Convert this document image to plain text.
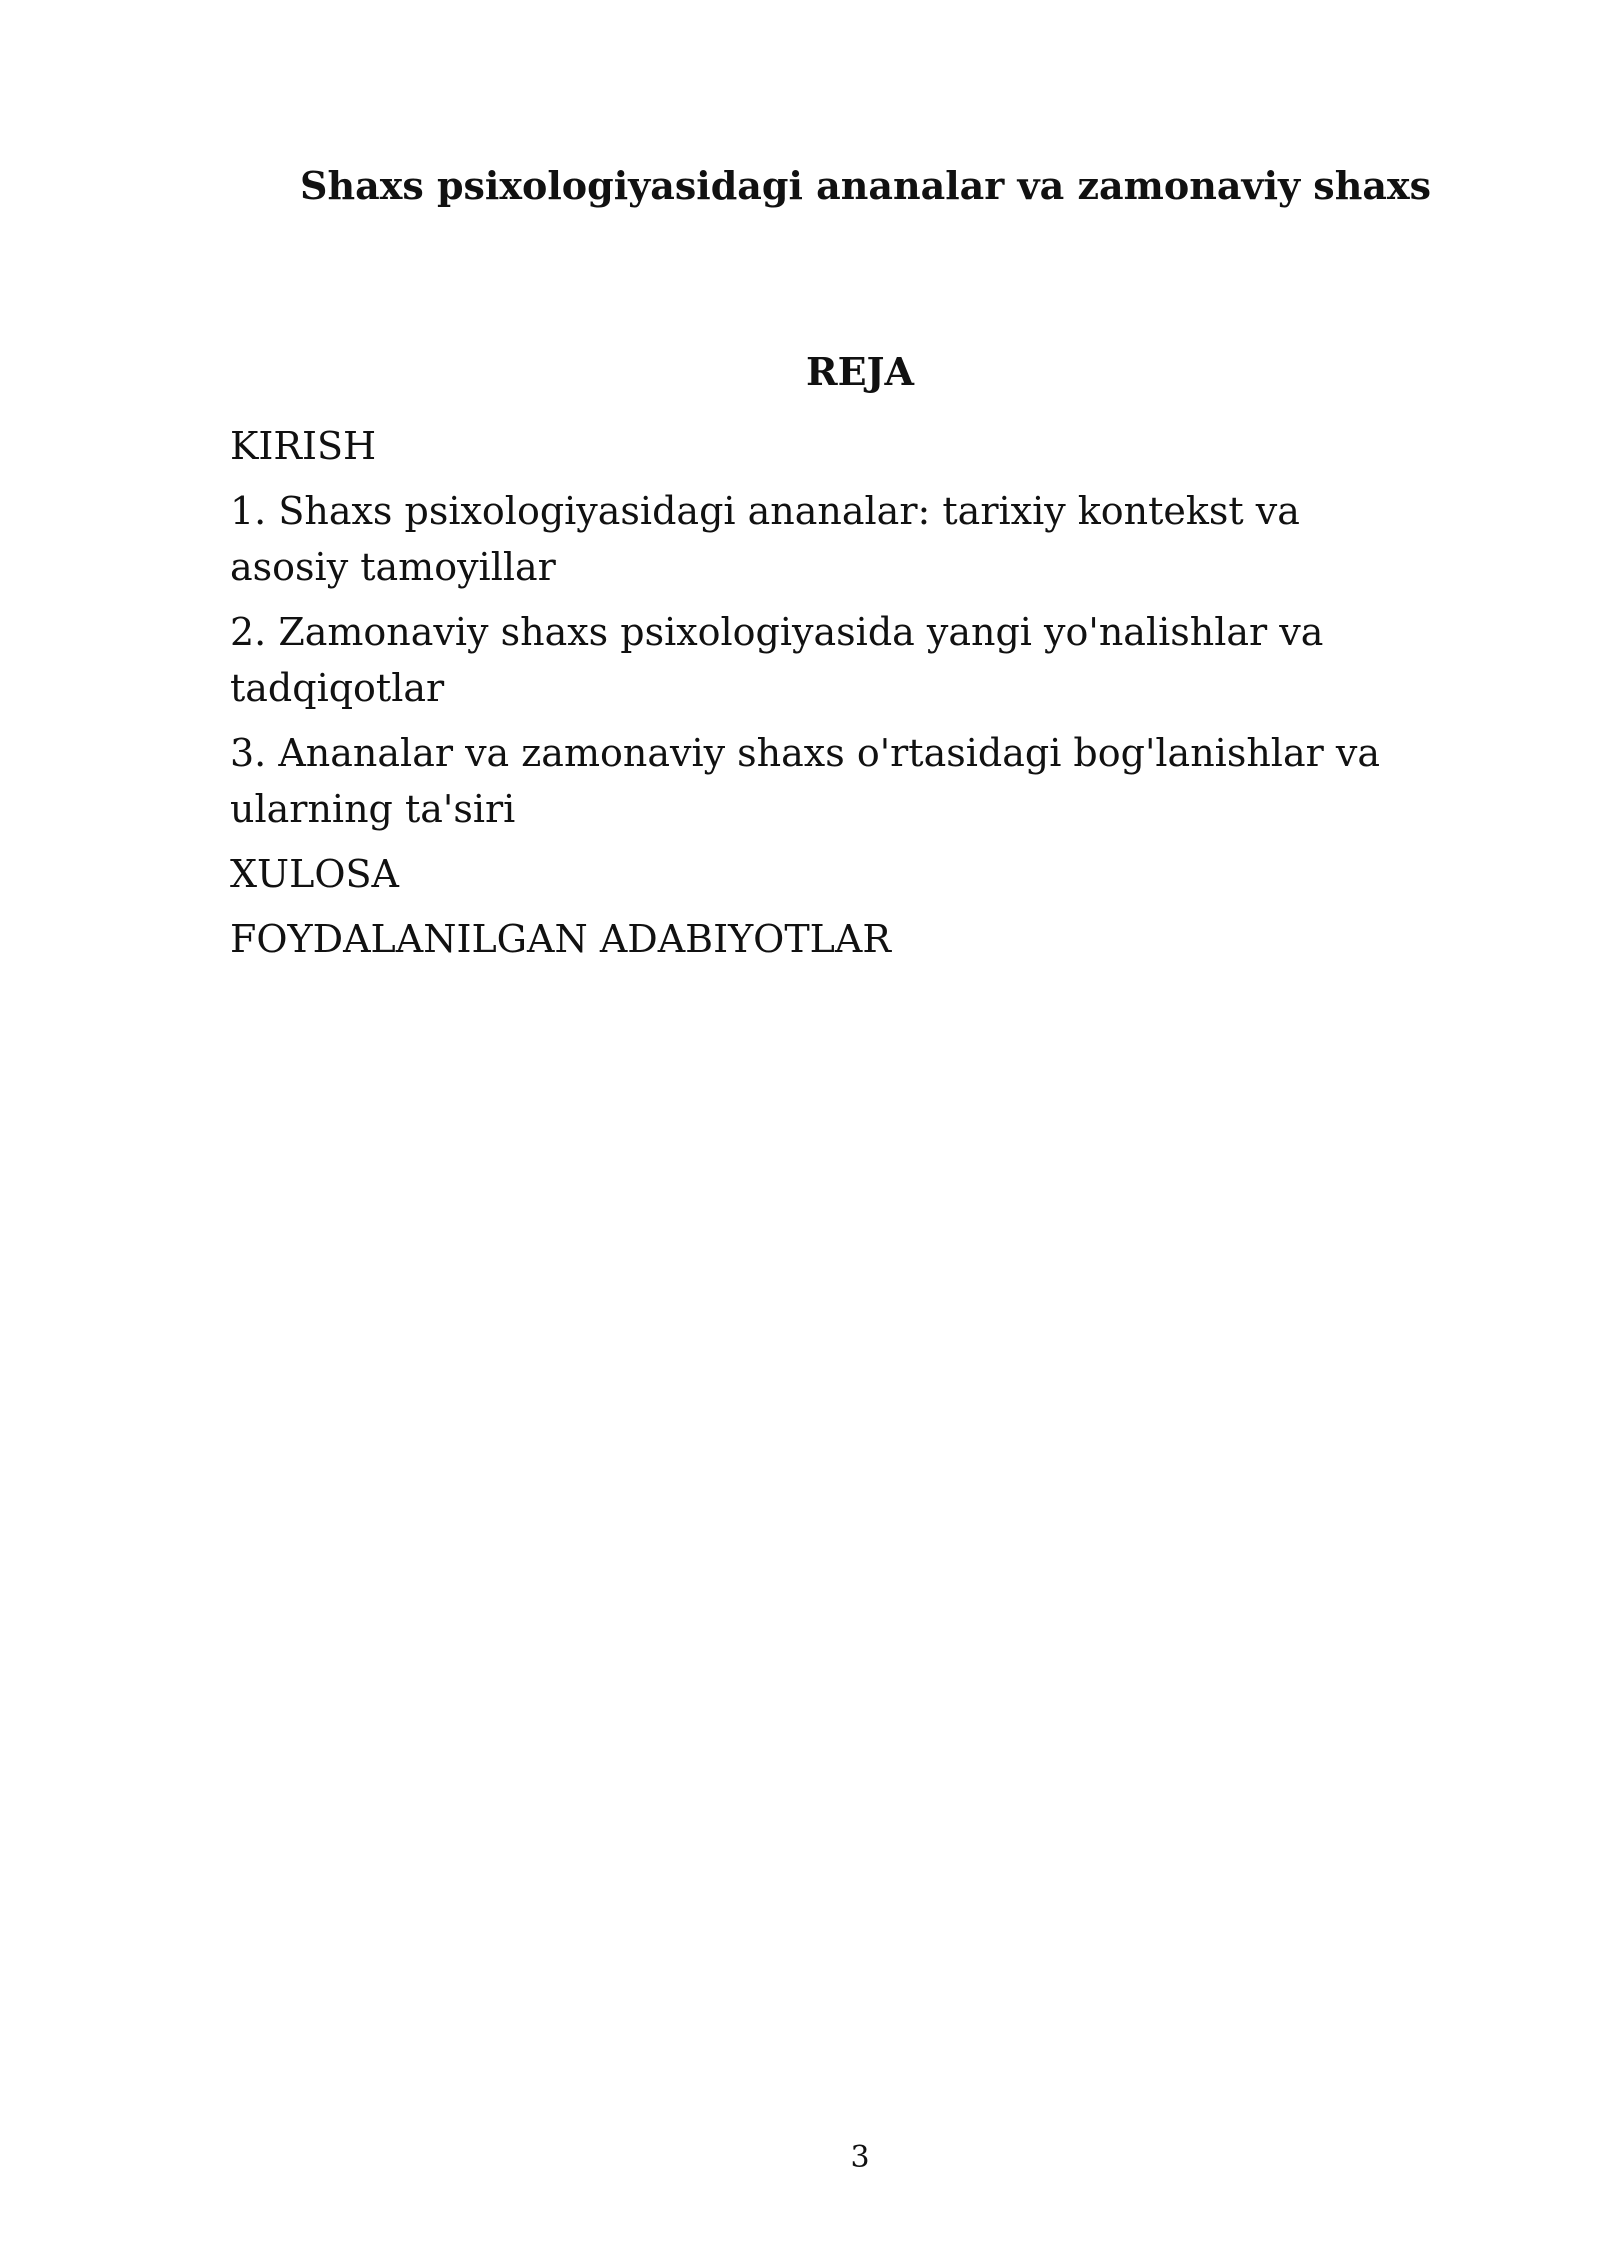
Shaxs psixologiyasidagi ananalar va zamonaviy shaxs
REJA
KIRISH
1. Shaxs psixologiyasidagi ananalar: tarixiy kontekst va asosiy tamoyillar
2. Zamonaviy shaxs psixologiyasida yangi yo'nalishlar va tadqiqotlar
3. Ananalar va zamonaviy shaxs o'rtasidagi bog'lanishlar va ularning ta'siri
XULOSA
FOYDALANILGAN ADABIYOTLAR
3
